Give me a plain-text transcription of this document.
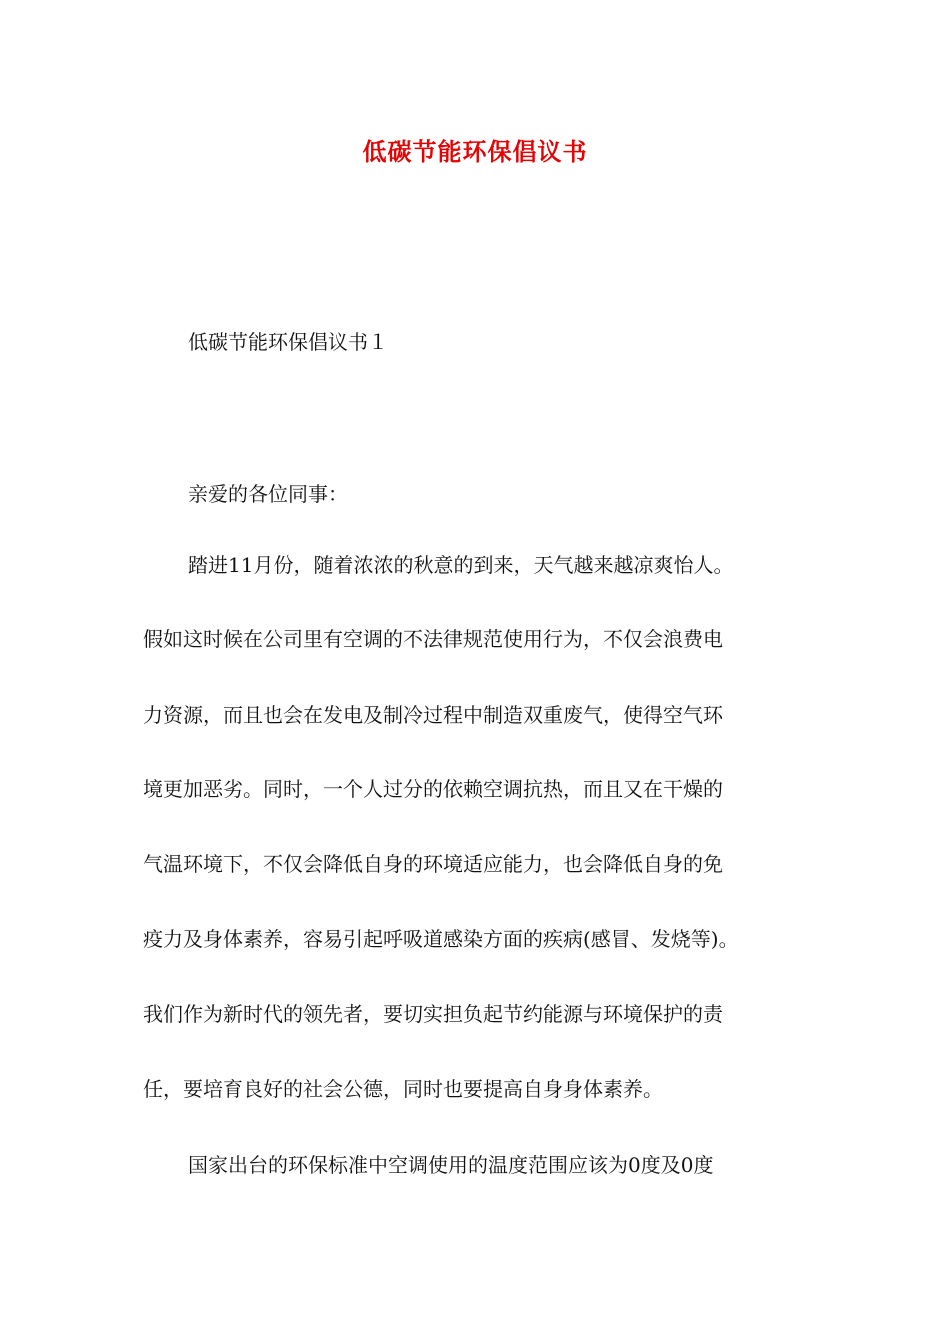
低碳节能环保倡议书
低碳节能环保倡议书１
亲爱的各位同事：
踏进11月份，随着浓浓的秋意的到来，天气越来越凉爽怡人。
假如这时候在公司里有空调的不法律规范使用行为，不仅会浪费电
力资源，而且也会在发电及制冷过程中制造双重废气，使得空气环
境更加恶劣。同时，一个人过分的依赖空调抗热，而且又在干燥的
气温环境下，不仅会降低自身的环境适应能力，也会降低自身的免
疫力及身体素养，容易引起呼吸道感染方面的疾病(感冒、发烧等)。
我们作为新时代的领先者，要切实担负起节约能源与环境保护的责
任，要培育良好的社会公德，同时也要提高自身身体素养。
国家出台的环保标准中空调使用的温度范围应该为0度及0度
